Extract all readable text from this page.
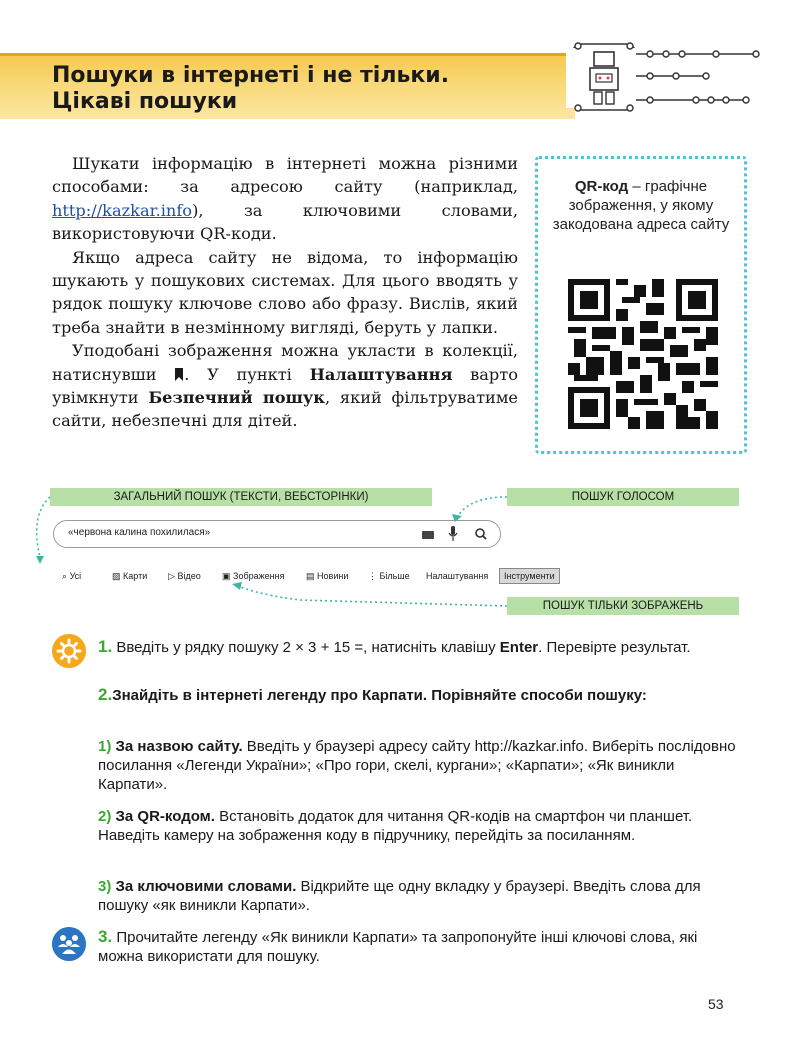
Пошуки в інтернеті і не тільки.
Цікаві пошуки

Шукати інформацію в інтернеті можна різними способами: за адресою сайту (наприклад, http://kazkar.info), за ключовими словами, використовуючи QR-коди.

Якщо адреса сайту не відома, то інформацію шукають у пошукових системах. Для цього вводять у рядок пошуку ключове слово або фразу. Вислів, який треба знайти в незмінному вигляді, беруть у лапки.

Уподобані зображення можна укласти в колекції, натиснувши . У пункті Налаштування варто увімкнути Безпечний пошук, який фільтруватиме сайти, небезпечні для дітей.

QR-код – графічне зображення, у якому закодована адреса сайту
ЗАГАЛЬНИЙ ПОШУК (ТЕКСТИ, ВЕБСТОРІНКИ)	ПОШУК ГОЛОСОМ
ПОШУК ТІЛЬКИ ЗОБРАЖЕНЬ
«червона калина похилилася»
⌕ Усі	▨ Карти ▷ Відео ▣ Зображення ▤ Новини ⋮ Більше Налаштування	Інструменти
1. Введіть у рядку пошуку 2 × 3 + 15 =, натисніть клавішу Enter. Перевірте результат.
2.Знайдіть в інтернеті легенду про Карпати. Порівняйте способи пошуку:
1) За назвою сайту. Введіть у браузері адресу сайту http://kazkar.info. Виберіть послідовно посилання «Легенди України»; «Про гори, скелі, кургани»; «Карпати»; «Як виникли Карпати».
2) За QR-кодом. Встановіть додаток для читання QR-кодів на смартфон чи планшет. Наведіть камеру на зображення коду в підручнику, перейдіть за посиланням.
3) За ключовими словами. Відкрийте ще одну вкладку у браузері. Введіть слова для пошуку «як виникли Карпати».
3. Прочитайте легенду «Як виникли Карпати» та запропонуйте інші ключові слова, які можна використати для пошуку.
53
